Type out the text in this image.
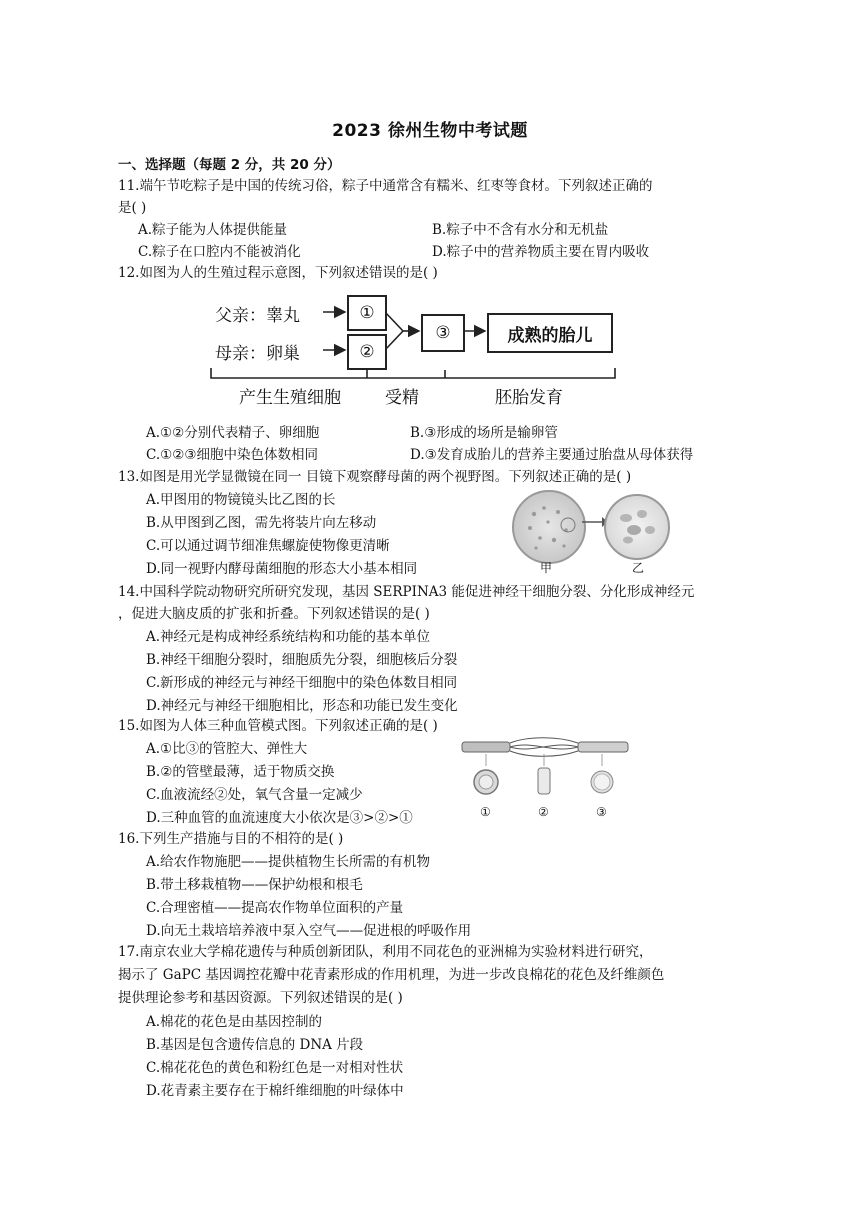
2023 徐州生物中考试题
一、选择题（每题 2 分，共 20 分）
11.端午节吃粽子是中国的传统习俗，粽子中通常含有糯米、红枣等食材。下列叙述正确的
是( )
A.粽子能为人体提供能量	B.粽子中不含有水分和无机盐
C.粽子在口腔内不能被消化	D.粽子中的营养物质主要在胃内吸收
12.如图为人的生殖过程示意图，下列叙述错误的是( )
父亲：睾丸
母亲：卵巢
①
②
③	成熟的胎儿
产生生殖细胞	受精	胚胎发育
A.①②分别代表精子、卵细胞	B.③形成的场所是输卵管
C.①②③细胞中染色体数相同	D.③发育成胎儿的营养主要通过胎盘从母体获得
13.如图是用光学显微镜在同一 目镜下观察酵母菌的两个视野图。下列叙述正确的是( )
A.甲图用的物镜镜头比乙图的长
B.从甲图到乙图，需先将装片向左移动
C.可以通过调节细准焦螺旋使物像更清晰
D.同一视野内酵母菌细胞的形态大小基本相同	甲	乙
14.中国科学院动物研究所研究发现，基因 SERPINA3 能促进神经干细胞分裂、分化形成神经元
，促进大脑皮质的扩张和折叠。下列叙述错误的是( )
A.神经元是构成神经系统结构和功能的基本单位
B.神经干细胞分裂时，细胞质先分裂，细胞核后分裂
C.新形成的神经元与神经干细胞中的染色体数目相同
D.神经元与神经干细胞相比，形态和功能已发生变化
15.如图为人体三种血管模式图。下列叙述正确的是( )
A.①比③的管腔大、弹性大
B.②的管壁最薄，适于物质交换
C.血液流经②处，氧气含量一定减少
D.三种血管的血流速度大小依次是③>②>①	①	②	③
16.下列生产措施与目的不相符的是( )
A.给农作物施肥——提供植物生长所需的有机物
B.带土移栽植物——保护幼根和根毛
C.合理密植——提高农作物单位面积的产量
D.向无土栽培培养液中泵入空气——促进根的呼吸作用
17.南京农业大学棉花遗传与种质创新团队，利用不同花色的亚洲棉为实验材料进行研究，
揭示了 GaPC 基因调控花瓣中花青素形成的作用机理，为进一步改良棉花的花色及纤维颜色
提供理论参考和基因资源。下列叙述错误的是( )
A.棉花的花色是由基因控制的
B.基因是包含遗传信息的 DNA 片段
C.棉花花色的黄色和粉红色是一对相对性状
D.花青素主要存在于棉纤维细胞的叶绿体中
